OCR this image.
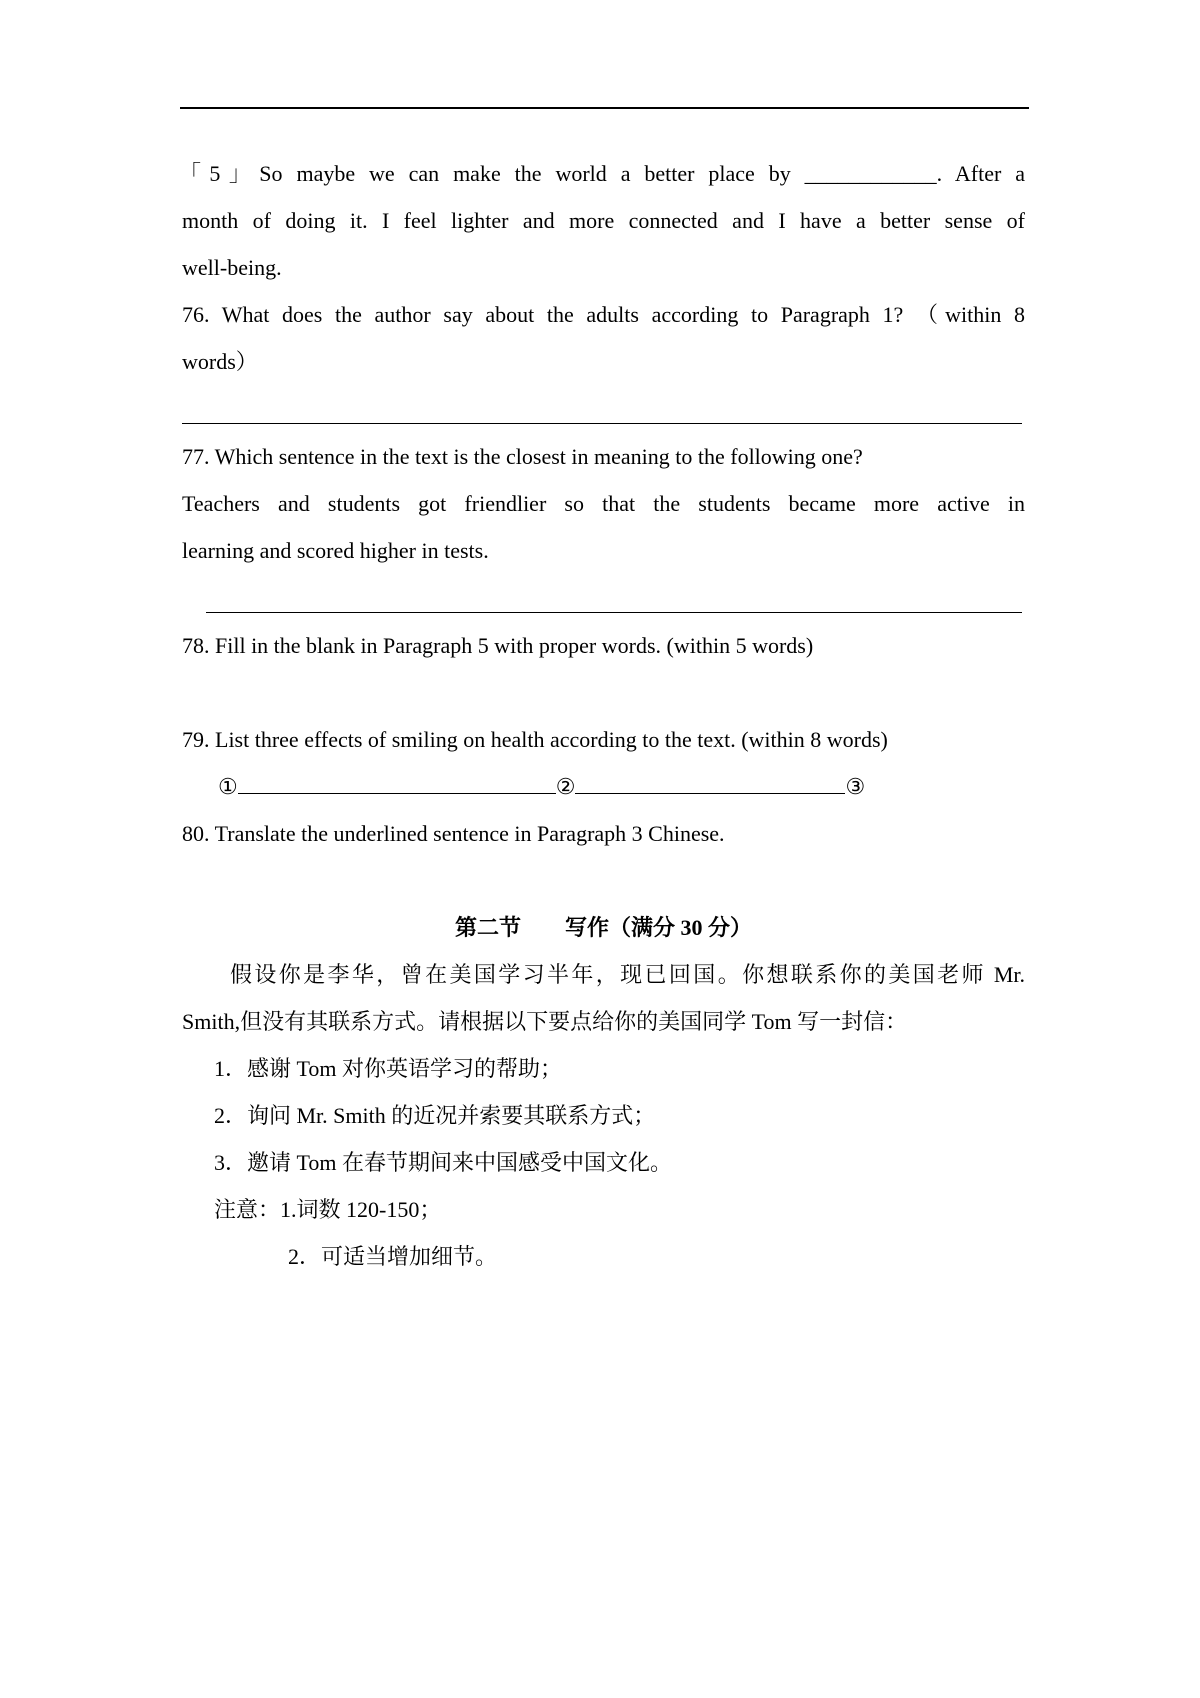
「5」So maybe we can make the world a better place by ____________. After a

month of doing it. I feel lighter and more connected and I have a better sense of

well-being.

76. What does the author say about the adults according to Paragraph 1? （within 8

words）

77. Which sentence in the text is the closest in meaning to the following one?

Teachers and students got friendlier so that the students became more active in

learning and scored higher in tests.

78. Fill in the blank in Paragraph 5 with proper words. (within 5 words)

79. List three effects of smiling on health according to the text. (within 8 words)

①	②	③

80. Translate the underlined sentence in Paragraph 3 Chinese.

第二节　　写作（满分 30 分）

假设你是李华，曾在美国学习半年，现已回国。你想联系你的美国老师 Mr.

Smith,但没有其联系方式。请根据以下要点给你的美国同学 Tom 写一封信：

1．感谢 Tom 对你英语学习的帮助；

2．询问 Mr. Smith 的近况并索要其联系方式；

3．邀请 Tom 在春节期间来中国感受中国文化。

注意：1.词数 120-150；

2．可适当增加细节。
